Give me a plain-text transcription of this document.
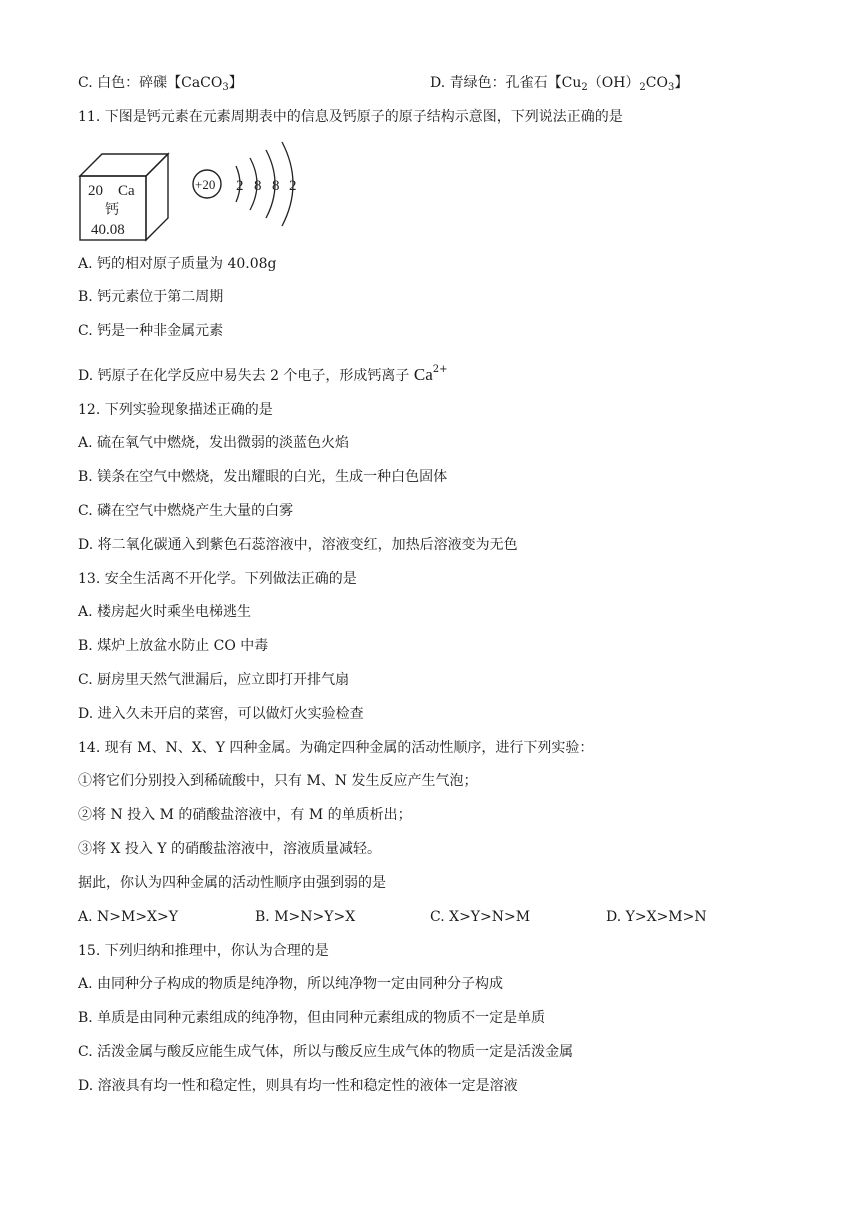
C. 白色：碎磲【CaCO$_3$】	D. 青绿色：孔雀石【$Cu_2(OH)_2CO_3$】
11. 下图是钙元素在元素周期表中的信息及钙原子的原子结构示意图，下列说法正确的是
20 Ca
钙
40.08
+20 2 8 8 2
A. 钙的相对原子质量为 40.08g
B. 钙元素位于第二周期
C. 钙是一种非金属元素
D. 钙原子在化学反应中易失去 2 个电子，形成钙离子 $Ca^{2+}$
12. 下列实验现象描述正确的是
A. 硫在氧气中燃烧，发出微弱的淡蓝色火焰
B. 镁条在空气中燃烧，发出耀眼的白光，生成一种白色固体
C. 磷在空气中燃烧产生大量的白雾
D. 将二氧化碳通入到紫色石蕊溶液中，溶液变红，加热后溶液变为无色
13. 安全生活离不开化学。下列做法正确的是
A. 楼房起火时乘坐电梯逃生
B. 煤炉上放盆水防止 CO 中毒
C. 厨房里天然气泄漏后，应立即打开排气扇
D. 进入久未开启的菜窖，可以做灯火实验检查
14. 现有 M、N、X、Y 四种金属。为确定四种金属的活动性顺序，进行下列实验：
①将它们分别投入到稀硫酸中，只有 M、N 发生反应产生气泡；
②将 N 投入 M 的硝酸盐溶液中，有 M 的单质析出；
③将 X 投入 Y 的硝酸盐溶液中，溶液质量减轻。
据此，你认为四种金属的活动性顺序由强到弱的是
A. N>M>X>Y	B. M>N>Y>X	C. X>Y>N>M	D. Y>X>M>N
15. 下列归纳和推理中，你认为合理的是
A. 由同种分子构成的物质是纯净物，所以纯净物一定由同种分子构成
B. 单质是由同种元素组成的纯净物，但由同种元素组成的物质不一定是单质
C. 活泼金属与酸反应能生成气体，所以与酸反应生成气体的物质一定是活泼金属
D. 溶液具有均一性和稳定性，则具有均一性和稳定性的液体一定是溶液
